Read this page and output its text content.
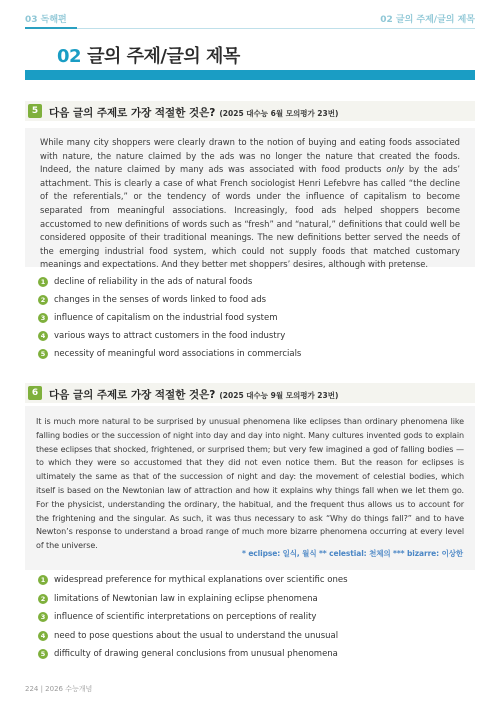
03 독해편	02 글의 주제/글의 제목
02 글의 주제/글의 제목
5	다음 글의 주제로 가장 적절한 것은? (2025 대수능 6월 모의평가 23번)
While many city shoppers were clearly drawn to the notion of buying and eating foods associated with nature, the nature claimed by the ads was no longer the nature that created the foods. Indeed, the nature claimed by many ads was associated with food products only by the ads’ attachment. This is clearly a case of what French sociologist Henri Lefebvre has called “the decline of the referentials,” or the tendency of words under the influence of capitalism to become separated from meaningful associations. Increasingly, food ads helped shoppers become accustomed to new definitions of words such as “fresh” and “natural,” definitions that could well be considered opposite of their traditional meanings. The new definitions better served the needs of the emerging industrial food system, which could not supply foods that matched customary meanings and expectations. And they better met shoppers’ desires, although with pretense.
1	decline of reliability in the ads of natural foods
2	changes in the senses of words linked to food ads
3	influence of capitalism on the industrial food system
4	various ways to attract customers in the food industry
5	necessity of meaningful word associations in commercials
6	다음 글의 주제로 가장 적절한 것은? (2025 대수능 9월 모의평가 23번)
It is much more natural to be surprised by unusual phenomena like eclipses than ordinary phenomena like falling bodies or the succession of night into day and day into night. Many cultures invented gods to explain these eclipses that shocked, frightened, or surprised them; but very few imagined a god of falling bodies — to which they were so accustomed that they did not even notice them. But the reason for eclipses is ultimately the same as that of the succession of night and day: the movement of celestial bodies, which itself is based on the Newtonian law of attraction and how it explains why things fall when we let them go. For the physicist, understanding the ordinary, the habitual, and the frequent thus allows us to account for the frightening and the singular. As such, it was thus necessary to ask “Why do things fall?” and to have Newton’s response to understand a broad range of much more bizarre phenomena occurring at every level of the universe.
* eclipse: 일식, 월식 ** celestial: 천체의 *** bizarre: 이상한
1	widespread preference for mythical explanations over scientific ones
2	limitations of Newtonian law in explaining eclipse phenomena
3	influence of scientific interpretations on perceptions of reality
4	need to pose questions about the usual to understand the unusual
5	difficulty of drawing general conclusions from unusual phenomena
224 | 2026 수능개념
